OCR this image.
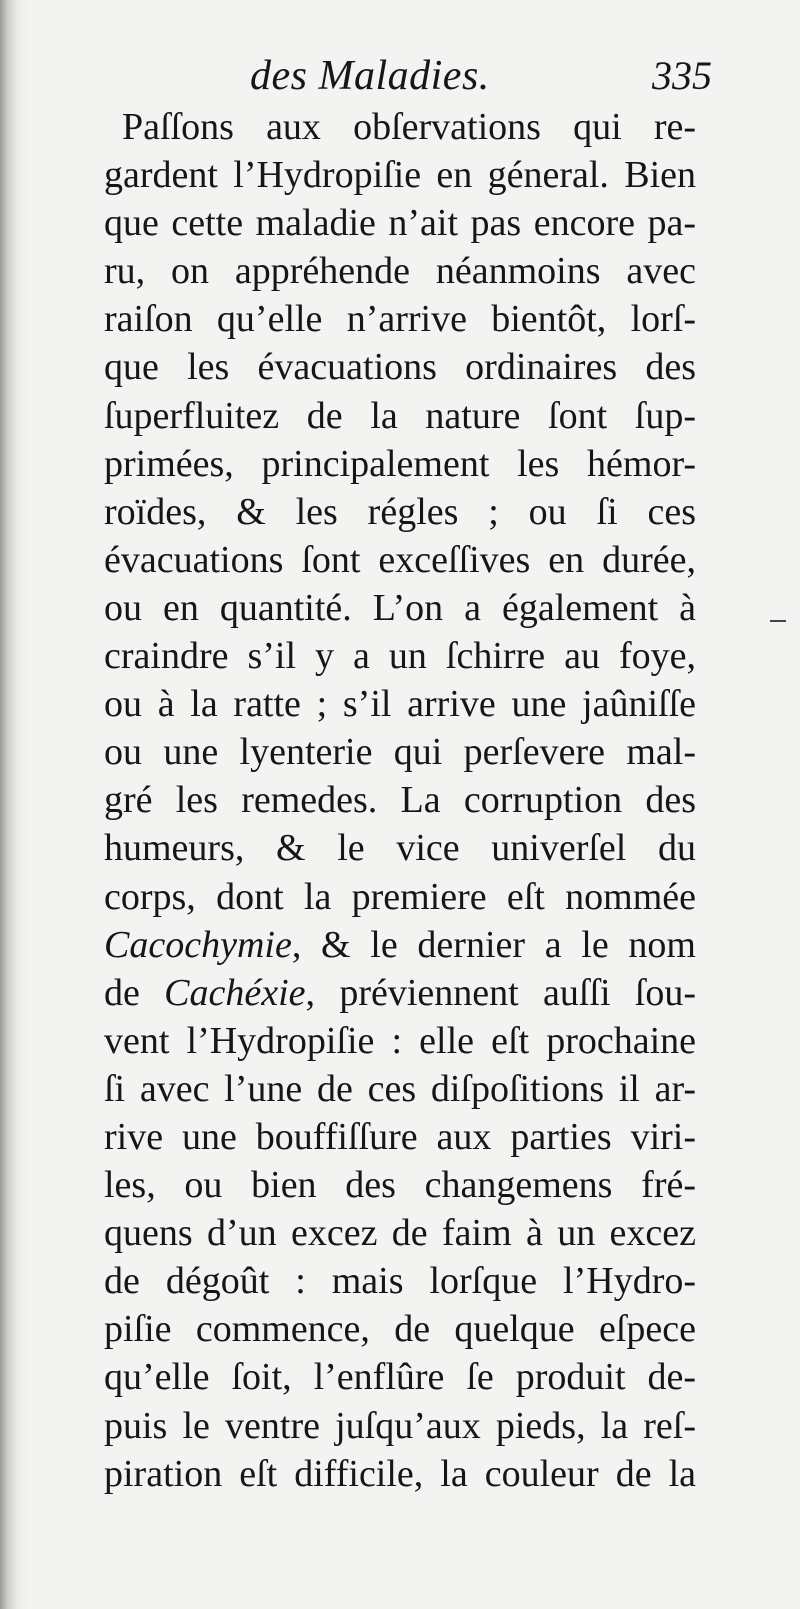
des Maladies.	335
Paſſons aux obſervations qui re-
gardent l’Hydropiſie en géneral. Bien
que cette maladie n’ait pas encore pa-
ru, on appréhende néanmoins avec
raiſon qu’elle n’arrive bientôt, lorſ-
que les évacuations ordinaires des
ſuperfluitez de la nature ſont ſup-
primées, principalement les hémor-
roïdes, & les régles ; ou ſi ces
évacuations ſont exceſſives en durée,
ou en quantité. L’on a également à
craindre s’il y a un ſchirre au foye,
ou à la ratte ; s’il arrive une jaûniſſe
ou une lyenterie qui perſevere mal-
gré les remedes. La corruption des
humeurs, & le vice univerſel du
corps, dont la premiere eſt nommée
Cacochymie, & le dernier a le nom
de Cachéxie, préviennent auſſi ſou-
vent l’Hydropiſie : elle eſt prochaine
ſi avec l’une de ces diſpoſitions il ar-
rive une bouffiſſure aux parties viri-
les, ou bien des changemens fré-
quens d’un excez de faim à un excez
de dégoût : mais lorſque l’Hydro-
piſie commence, de quelque eſpece
qu’elle ſoit, l’enflûre ſe produit de-
puis le ventre juſqu’aux pieds, la reſ-
piration eſt difficile, la couleur de la
